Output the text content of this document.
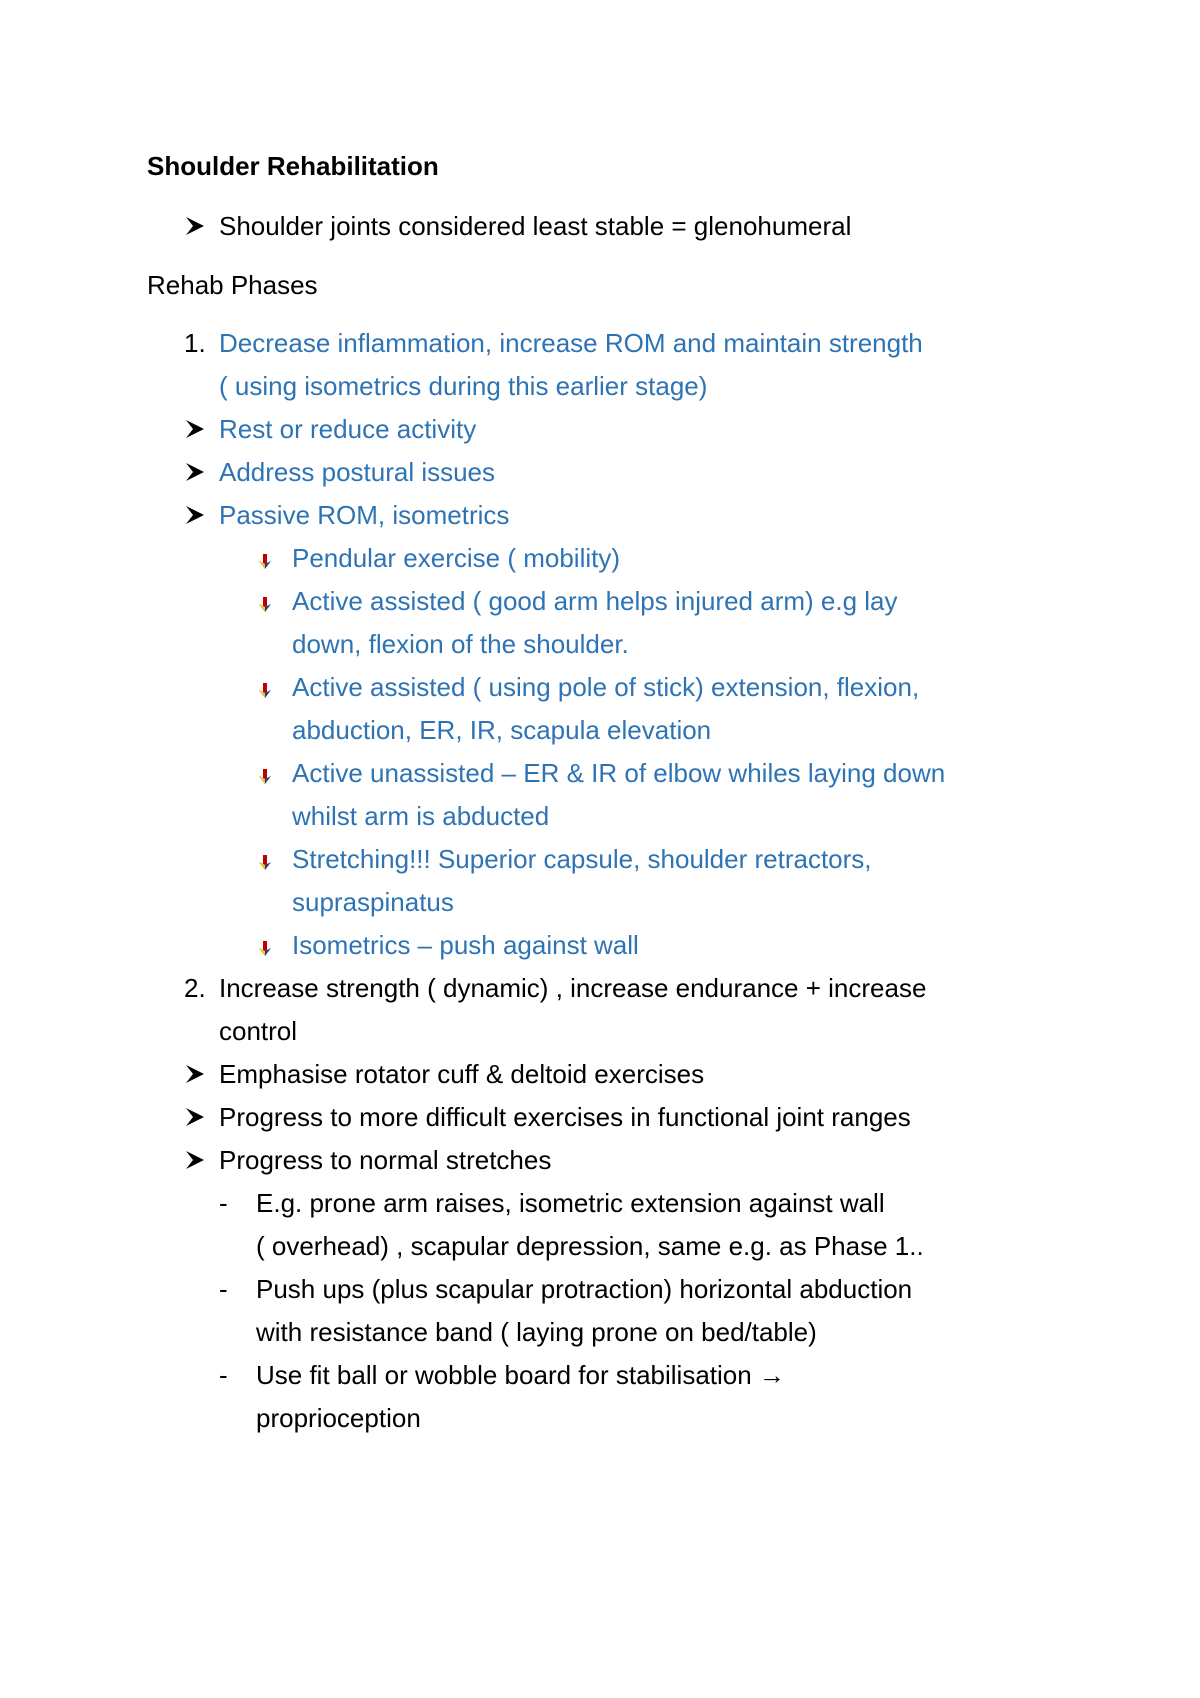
Shoulder Rehabilitation
Shoulder joints considered least stable = glenohumeral
Rehab Phases
1. Decrease inflammation, increase ROM and maintain strength
( using isometrics during this earlier stage)
Rest or reduce activity
Address postural issues
Passive ROM, isometrics
Pendular exercise ( mobility)
Active assisted ( good arm helps injured arm) e.g lay
down, flexion of the shoulder.
Active assisted ( using pole of stick) extension, flexion,
abduction, ER, IR, scapula elevation
Active unassisted – ER & IR of elbow whiles laying down
whilst arm is abducted
Stretching!!! Superior capsule, shoulder retractors,
supraspinatus
Isometrics – push against wall
2. Increase strength ( dynamic) , increase endurance + increase
control
Emphasise rotator cuff & deltoid exercises
Progress to more difficult exercises in functional joint ranges
Progress to normal stretches
- E.g. prone arm raises, isometric extension against wall
( overhead) , scapular depression, same e.g. as Phase 1..
- Push ups (plus scapular protraction) horizontal abduction
with resistance band ( laying prone on bed/table)
- Use fit ball or wobble board for stabilisation →
proprioception
